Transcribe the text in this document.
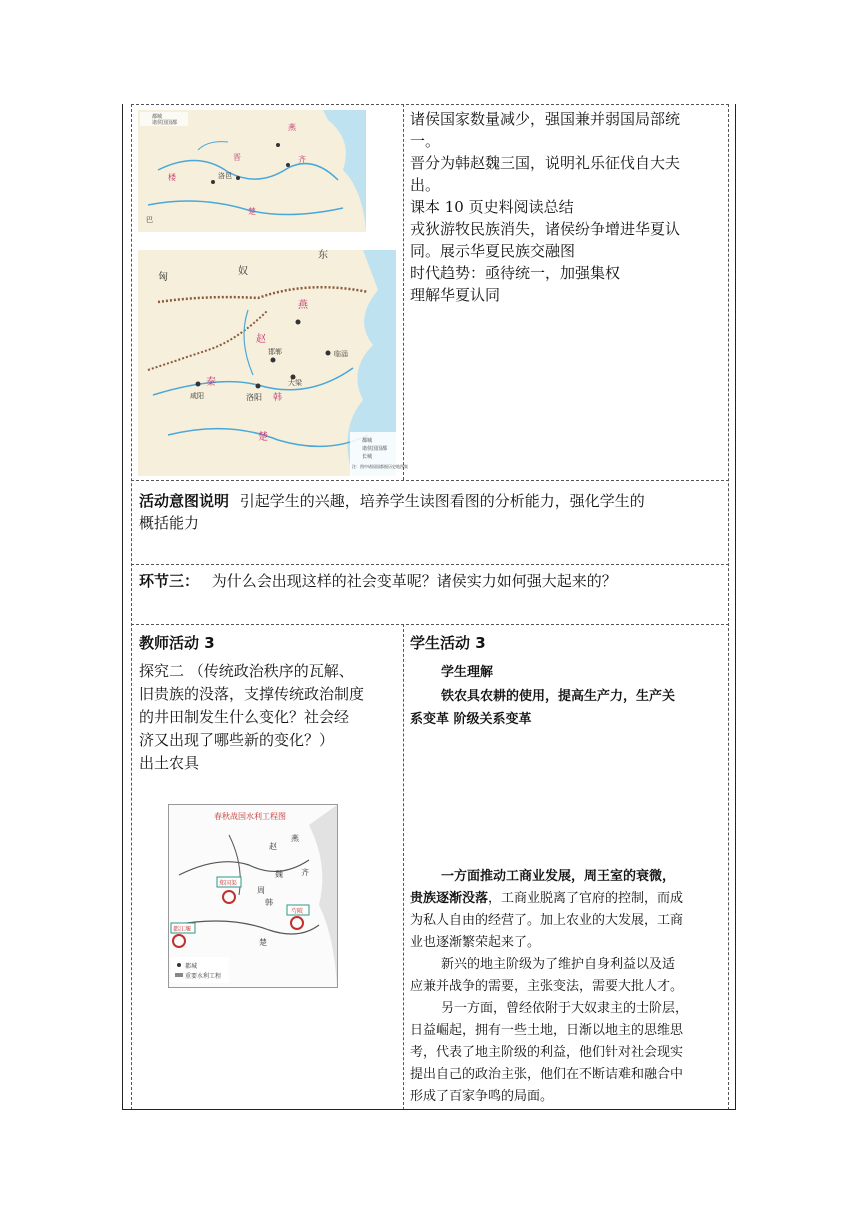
晋	齐
楼
燕
楚
洛邑
巴
都城
诸侯国国都
匈
奴
东
燕
赵
邯郸	临淄
秦
咸阳	洛阳
大梁
韩
楚	都城
诸侯国国都
长城
注：图中诸国国都据历史地图集
诸侯国家数量减少，强国兼并弱国局部统
一。
晋分为韩赵魏三国，说明礼乐征伐自大夫
出。
课本 10 页史料阅读总结
戎狄游牧民族消失，诸侯纷争增进华夏认
同。展示华夏民族交融图
时代趋势：亟待统一，加强集权
理解华夏认同
活动意图说明 引起学生的兴趣，培养学生读图看图的分析能力，强化学生的
概括能力
环节三： 为什么会出现这样的社会变革呢？诸侯实力如何强大起来的？
教师活动 3
探究二 （传统政治秩序的瓦解、
旧贵族的没落，支撑传统政治制度
的井田制发生什么变化？社会经
济又出现了哪些新的变化？）
出土农具
春秋战国水利工程图
郑国渠
都江堰
芍陂
燕
赵
齐
魏
周
韩
楚
都城
重要水利工程
学生活动 3
学生理解
铁农具农耕的使用，提高生产力，生产关
系变革 阶级关系变革
一方面推动工商业发展，周王室的衰微，
贵族逐渐没落，工商业脱离了官府的控制，而成
为私人自由的经营了。加上农业的大发展，工商
业也逐渐繁荣起来了。
新兴的地主阶级为了维护自身利益以及适
应兼并战争的需要，主张变法，需要大批人才。
另一方面，曾经依附于大奴隶主的士阶层，
日益崛起，拥有一些土地，日渐以地主的思维思
考，代表了地主阶级的利益，他们针对社会现实
提出自己的政治主张，他们在不断诘难和融合中
形成了百家争鸣的局面。
